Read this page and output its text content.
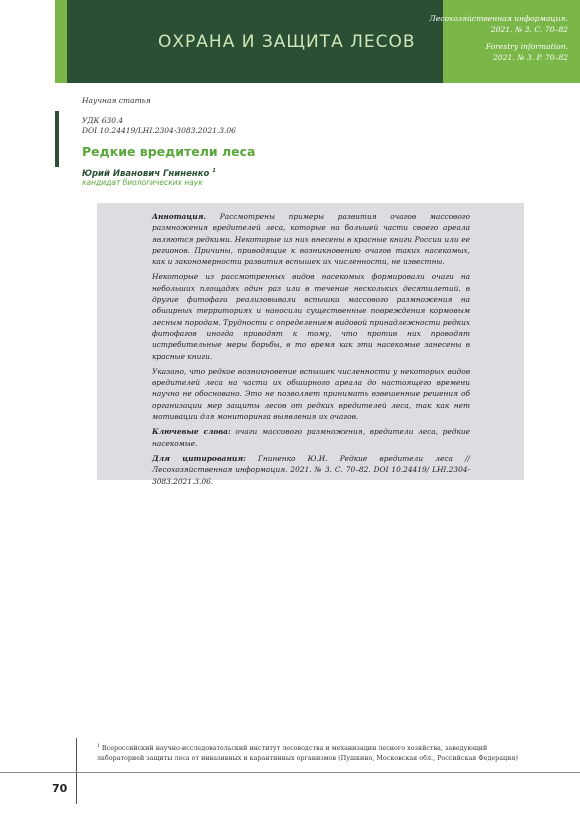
ОХРАНА И ЗАЩИТА ЛЕСОВ
Лесохозяйственная информация.
2021. № 3. С. 70–82
Forestry information.
2021. № 3. P. 70–82
Научная статья
УДК 630.4
DOI 10.24419/LHI.2304-3083.2021.3.06
Редкие вредители леса
Юрий Иванович Гниненко $^1$
кандидат биологических наук

Аннотация. Рассмотрены примеры развития очагов массового размножения вредителей леса, которые на большей части своего ареала являются редкими. Некоторые из них внесены в красные книги России или ее регионов. Причины, приводящие к возникновению очагов таких насекомых, как и закономерности развития вспышек их численности, не известны.

Некоторые из рассмотренных видов насекомых формировали очаги на небольших площадях один раз или в течение нескольких десятилетий, в другие фитофаги реализовывали вспышки массового размножения на обширных территориях и наносили существенные повреждения кормовым лесным породам. Трудности с определением видовой принадлежности редких фитофагов иногда приводят к тому, что против них проводят истребительные меры борьбы, в то время как эти насекомые занесены в красные книги.

Указано, что редкое возникновение вспышек численности у некоторых видов вредителей леса на части их обширного ареала до настоящего времени научно не обосновано. Это не позволяет принимать взвешенные решения об организации мер защиты лесов от редких вредителей леса, так как нет мотивации для мониторинга выявления их очагов.

Ключевые слова: очаги массового размножения, вредители леса, редкие насекомые.

Для цитирования: Гниненко Ю.И. Редкие вредители леса // Лесохозяйственная информация. 2021. № 3. С. 70–82. DOI 10.24419/ LHI.2304-3083.2021.3.06.

$^1$ Всероссийский научно-исследовательский институт лесоводства и механизации лесного хозяйства, заведующий лабораторией защиты леса от инвазивных и карантинных организмов (Пушкино, Московская обл., Российская Федерация)
70
